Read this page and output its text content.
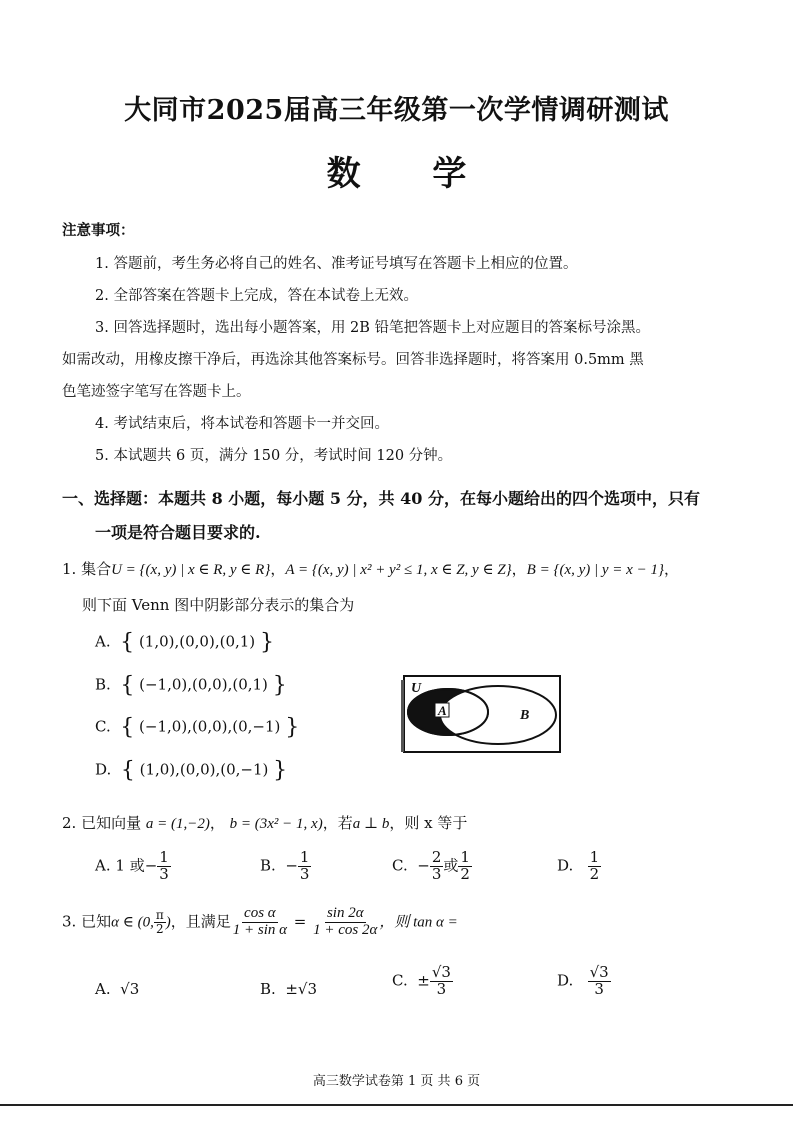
大同市2025届高三年级第一次学情调研测试
数 学
注意事项：
1. 答题前，考生务必将自己的姓名、准考证号填写在答题卡上相应的位置。
2. 全部答案在答题卡上完成，答在本试卷上无效。
3. 回答选择题时，选出每小题答案，用 2B 铅笔把答题卡上对应题目的答案标号涂黑。
如需改动，用橡皮擦干净后，再选涂其他答案标号。回答非选择题时，将答案用 0.5mm 黑
色笔迹签字笔写在答题卡上。
4. 考试结束后，将本试卷和答题卡一并交回。
5. 本试题共 6 页，满分 150 分，考试时间 120 分钟。
一、选择题：本题共 8 小题，每小题 5 分，共 40 分，在每小题给出的四个选项中，只有
一项是符合题目要求的.
1. 集合U = {(x, y) | x ∈ R, y ∈ R}，A = {(x, y) | x² + y² ≤ 1, x ∈ Z, y ∈ Z}，B = {(x, y) | y = x − 1}，
则下面 Venn 图中阴影部分表示的集合为
A. { (1,0),(0,0),(0,1) }
B. { (−1,0),(0,0),(0,1) }
C. { (−1,0),(0,0),(0,−1) }
D. { (1,0),(0,0),(0,−1) }
U
A	B
2. 已知向量 a = (1,−2)， b = (3x² − 1, x)，若a ⊥ b，则 x 等于
A. 1 或− $\frac{1}{3}$	B. − $\frac{1}{3}$	C. − $\frac{2}{3}$ 或 $\frac{1}{2}$	D. $\frac{1}{2}$
3. 已知α ∈ (0, $\frac{\pi}{2}$ )，且满足 $\frac{\text{cos α}}{\text{1 + sin α}} = \frac{\sin 2\alpha}{1 + \cos 2\alpha}$ ，则 tan α =
A. √3	B. ±√3	C. ± $\frac{√3}{3}$	D. $\frac{√3}{3}$
高三数学试卷第 1 页 共 6 页
